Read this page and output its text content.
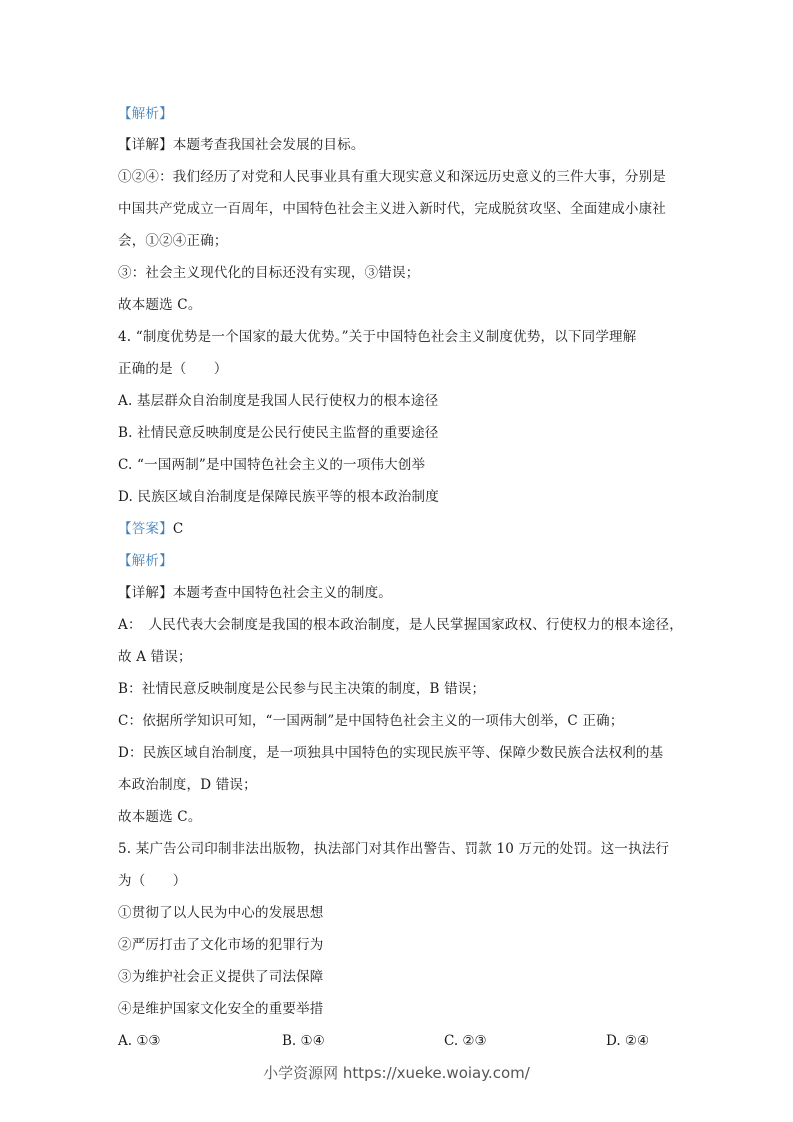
【解析】
【详解】本题考查我国社会发展的目标。
①②④：我们经历了对党和人民事业具有重大现实意义和深远历史意义的三件大事，分别是
中国共产党成立一百周年，中国特色社会主义进入新时代，完成脱贫攻坚、全面建成小康社
会，①②④正确；
③：社会主义现代化的目标还没有实现，③错误；
故本题选 C。
4. “制度优势是一个国家的最大优势。”关于中国特色社会主义制度优势，以下同学理解
正确的是（　　）
A. 基层群众自治制度是我国人民行使权力的根本途径
B. 社情民意反映制度是公民行使民主监督的重要途径
C. “一国两制”是中国特色社会主义的一项伟大创举
D. 民族区域自治制度是保障民族平等的根本政治制度
【答案】C
【解析】
【详解】本题考查中国特色社会主义的制度。
A：　人民代表大会制度是我国的根本政治制度，是人民掌握国家政权、行使权力的根本途径，
故 A 错误；
B：社情民意反映制度是公民参与民主决策的制度，B 错误；
C：依据所学知识可知，“一国两制”是中国特色社会主义的一项伟大创举，C 正确；
D：民族区域自治制度，是一项独具中国特色的实现民族平等、保障少数民族合法权利的基
本政治制度，D 错误；
故本题选 C。
5. 某广告公司印制非法出版物，执法部门对其作出警告、罚款 10 万元的处罚。这一执法行
为（　　）
①贯彻了以人民为中心的发展思想
②严厉打击了文化市场的犯罪行为
③为维护社会正义提供了司法保障
④是维护国家文化安全的重要举措
A. ①③	B. ①④	C. ②③	D. ②④
小学资源网 https://xueke.woiay.com/
